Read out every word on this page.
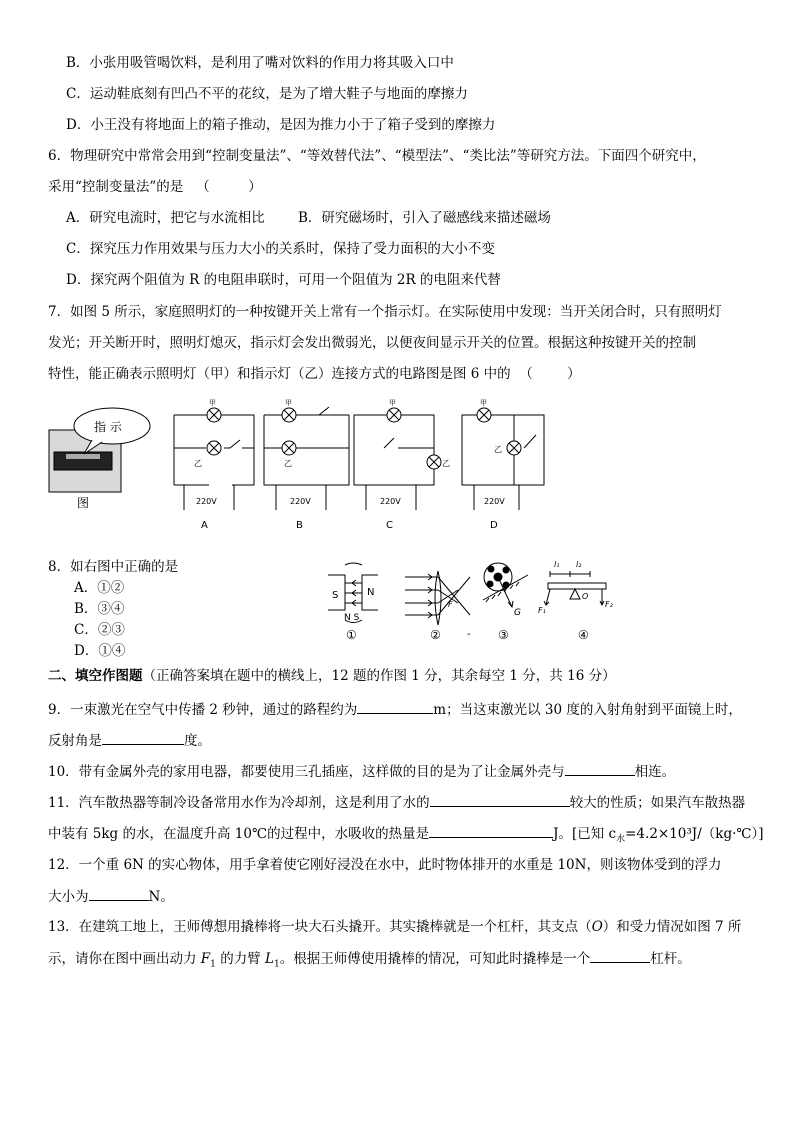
B．小张用吸管喝饮料，是利用了嘴对饮料的作用力将其吸入口中
C．运动鞋底刻有凹凸不平的花纹，是为了增大鞋子与地面的摩擦力
D．小王没有将地面上的箱子推动，是因为推力小于了箱子受到的摩擦力
6．物理研究中常常会用到“控制变量法”、“等效替代法”、“模型法”、“类比法”等研究方法。下面四个研究中，
采用“控制变量法”的是   （         ）
A．研究电流时，把它与水流相比 B．研究磁场时，引入了磁感线来描述磁场
C．探究压力作用效果与压力大小的关系时，保持了受力面积的大小不变
D．探究两个阻值为 R 的电阻串联时，可用一个阻值为 2R 的电阻来代替
7．如图 5 所示，家庭照明灯的一种按键开关上常有一个指示灯。在实际使用中发现：当开关闭合时，只有照明灯
发光；开关断开时，照明灯熄灭，指示灯会发出微弱光，以便夜间显示开关的位置。根据这种按键开关的控制
特性，能正确表示照明灯（甲）和指示灯（乙）连接方式的电路图是图 6 中的  （        ）
指 示
图
甲
乙
220V
A
甲
乙
220V
B
甲
乙
220V
C
甲
乙
220V
D
8．如右图中正确的是
A．①②
B．③④
C．②③
D．①④
S	N
N S
①
F
②	-
G
③
l₁ l₂
F₁
F₂
O
④
二、填空作图题（正确答案填在题中的横线上，12 题的作图 1 分，其余每空 1 分，共 16 分）
9．一束激光在空气中传播 2 秒钟，通过的路程约为	m；当这束激光以 30 度的入射角射到平面镜上时，
反射角是	度。
10．带有金属外壳的家用电器，都要使用三孔插座，这样做的目的是为了让金属外壳与	相连。
11．汽车散热器等制冷设备常用水作为冷却剂，这是利用了水的	较大的性质；如果汽车散热器
中装有 5kg 的水，在温度升高 10℃的过程中，水吸收的热量是	J。[已知 $c_水=4.2\times 10^3J/(kg\cdot℃)$]
12．一个重 6N 的实心物体，用手拿着使它刚好浸没在水中，此时物体排开的水重是 10N，则该物体受到的浮力
大小为	N。
13．在建筑工地上，王师傅想用撬棒将一块大石头撬开。其实撬棒就是一个杠杆，其支点（O）和受力情况如图 7 所
示，请你在图中画出动力 $F_1$ 的力臂 $L_1$。根据王师傅使用撬棒的情况，可知此时撬棒是一个	杠杆。
